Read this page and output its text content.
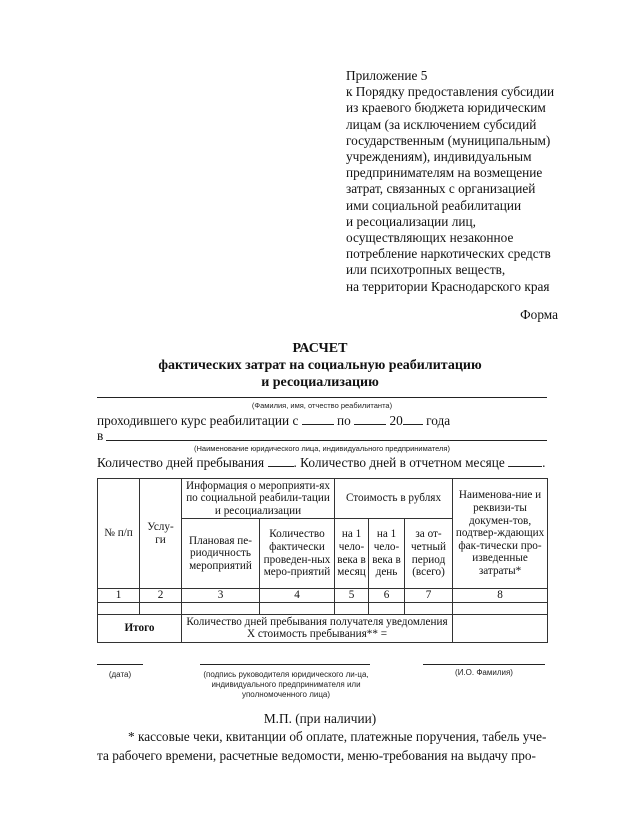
Приложение 5
к Порядку предоставления субсидии
из краевого бюджета юридическим
лицам (за исключением субсидий
государственным (муниципальным)
учреждениям), индивидуальным
предпринимателям на возмещение
затрат, связанных с организацией
ими социальной реабилитации
и ресоциализации лиц,
осуществляющих незаконное
потребление наркотических средств
или психотропных веществ,
на территории Краснодарского края
Форма
РАСЧЕТ
фактических затрат на социальную реабилитацию
и ресоциализацию
(Фамилия, имя, отчество реабилитанта)
проходившего курс реабилитации с	по	20 года
в
(Наименование юридического лица, индивидуального предпринимателя)
Количество дней пребывания . Количество дней в отчетном месяце	.
№ п/п	Услу-ги	Информация о мероприяти-ях по социальной реабили-тации и ресоциализации		Стоимость в рублях			Наименова-ние и реквизи-ты докумен-тов, подтвер-ждающих фак-тически про-изведенные затраты*
		Плановая пе-риодичность мероприятий	Количество фактически проведен-ных меро-приятий	на 1 чело-века в месяц	на 1 чело-века в день	за от-четный период (всего)	
1	2	3	4	5	6	7	8

Итого		Количество дней пребывания получателя уведомления
Х стоимость пребывания** =					

(дата)	(подпись руководителя юридического ли-ца, индивидуального предпринимателя или уполномоченного лица)
(И.О. Фамилия)
М.П. (при наличии)
* кассовые чеки, квитанции об оплате, платежные поручения, табель уче-
та рабочего времени, расчетные ведомости, меню-требования на выдачу про-
